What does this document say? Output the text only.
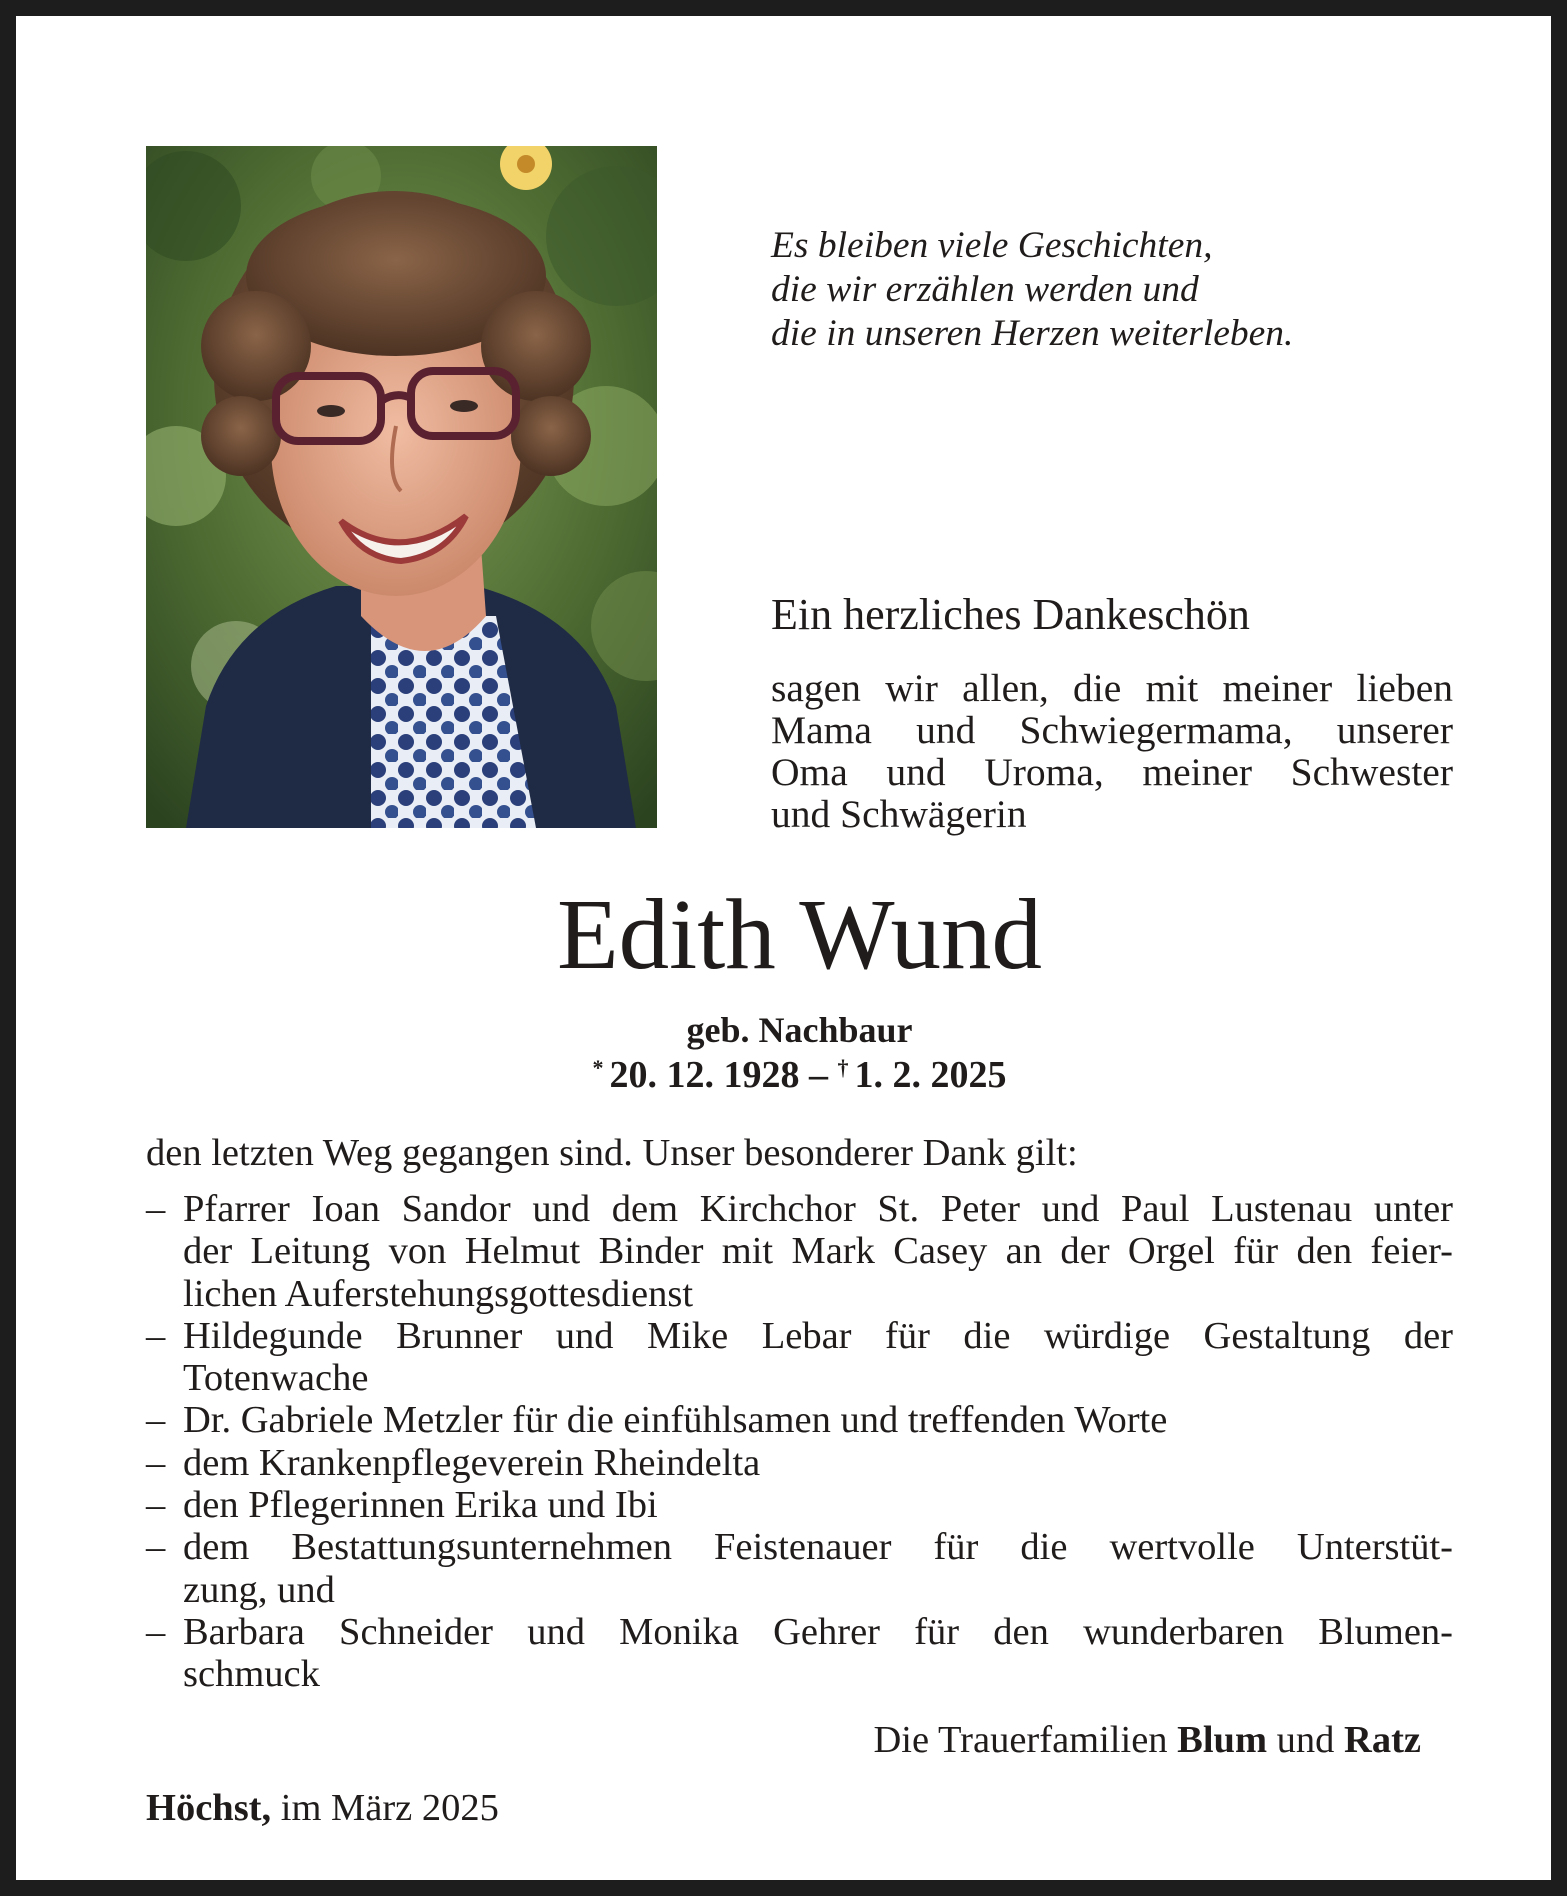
Es bleiben viele Geschichten,
die wir erzählen werden und
die in unseren Herzen weiterleben.

Ein herzliches Dankeschön
sagen wir allen, die mit meiner lieben
Mama und Schwiegermama, unserer
Oma und Uroma, meiner Schwester
und Schwägerin
Edith Wund
geb. Nachbaur
* 20. 12. 1928 – † 1. 2. 2025
den letzten Weg gegangen sind. Unser besonderer Dank gilt:
– Pfarrer Ioan Sandor und dem Kirchchor St. Peter und Paul Lustenau unter
der Leitung von Helmut Binder mit Mark Casey an der Orgel für den feier-
lichen Auferstehungsgottesdienst
– Hildegunde Brunner und Mike Lebar für die würdige Gestaltung der
Totenwache
– Dr. Gabriele Metzler für die einfühlsamen und treffenden Worte
– dem Krankenpflegeverein Rheindelta
– den Pflegerinnen Erika und Ibi
– dem Bestattungsunternehmen Feistenauer für die wertvolle Unterstüt-
zung, und
– Barbara Schneider und Monika Gehrer für den wunderbaren Blumen-
schmuck
Die Trauerfamilien Blum und Ratz
Höchst, im März 2025
